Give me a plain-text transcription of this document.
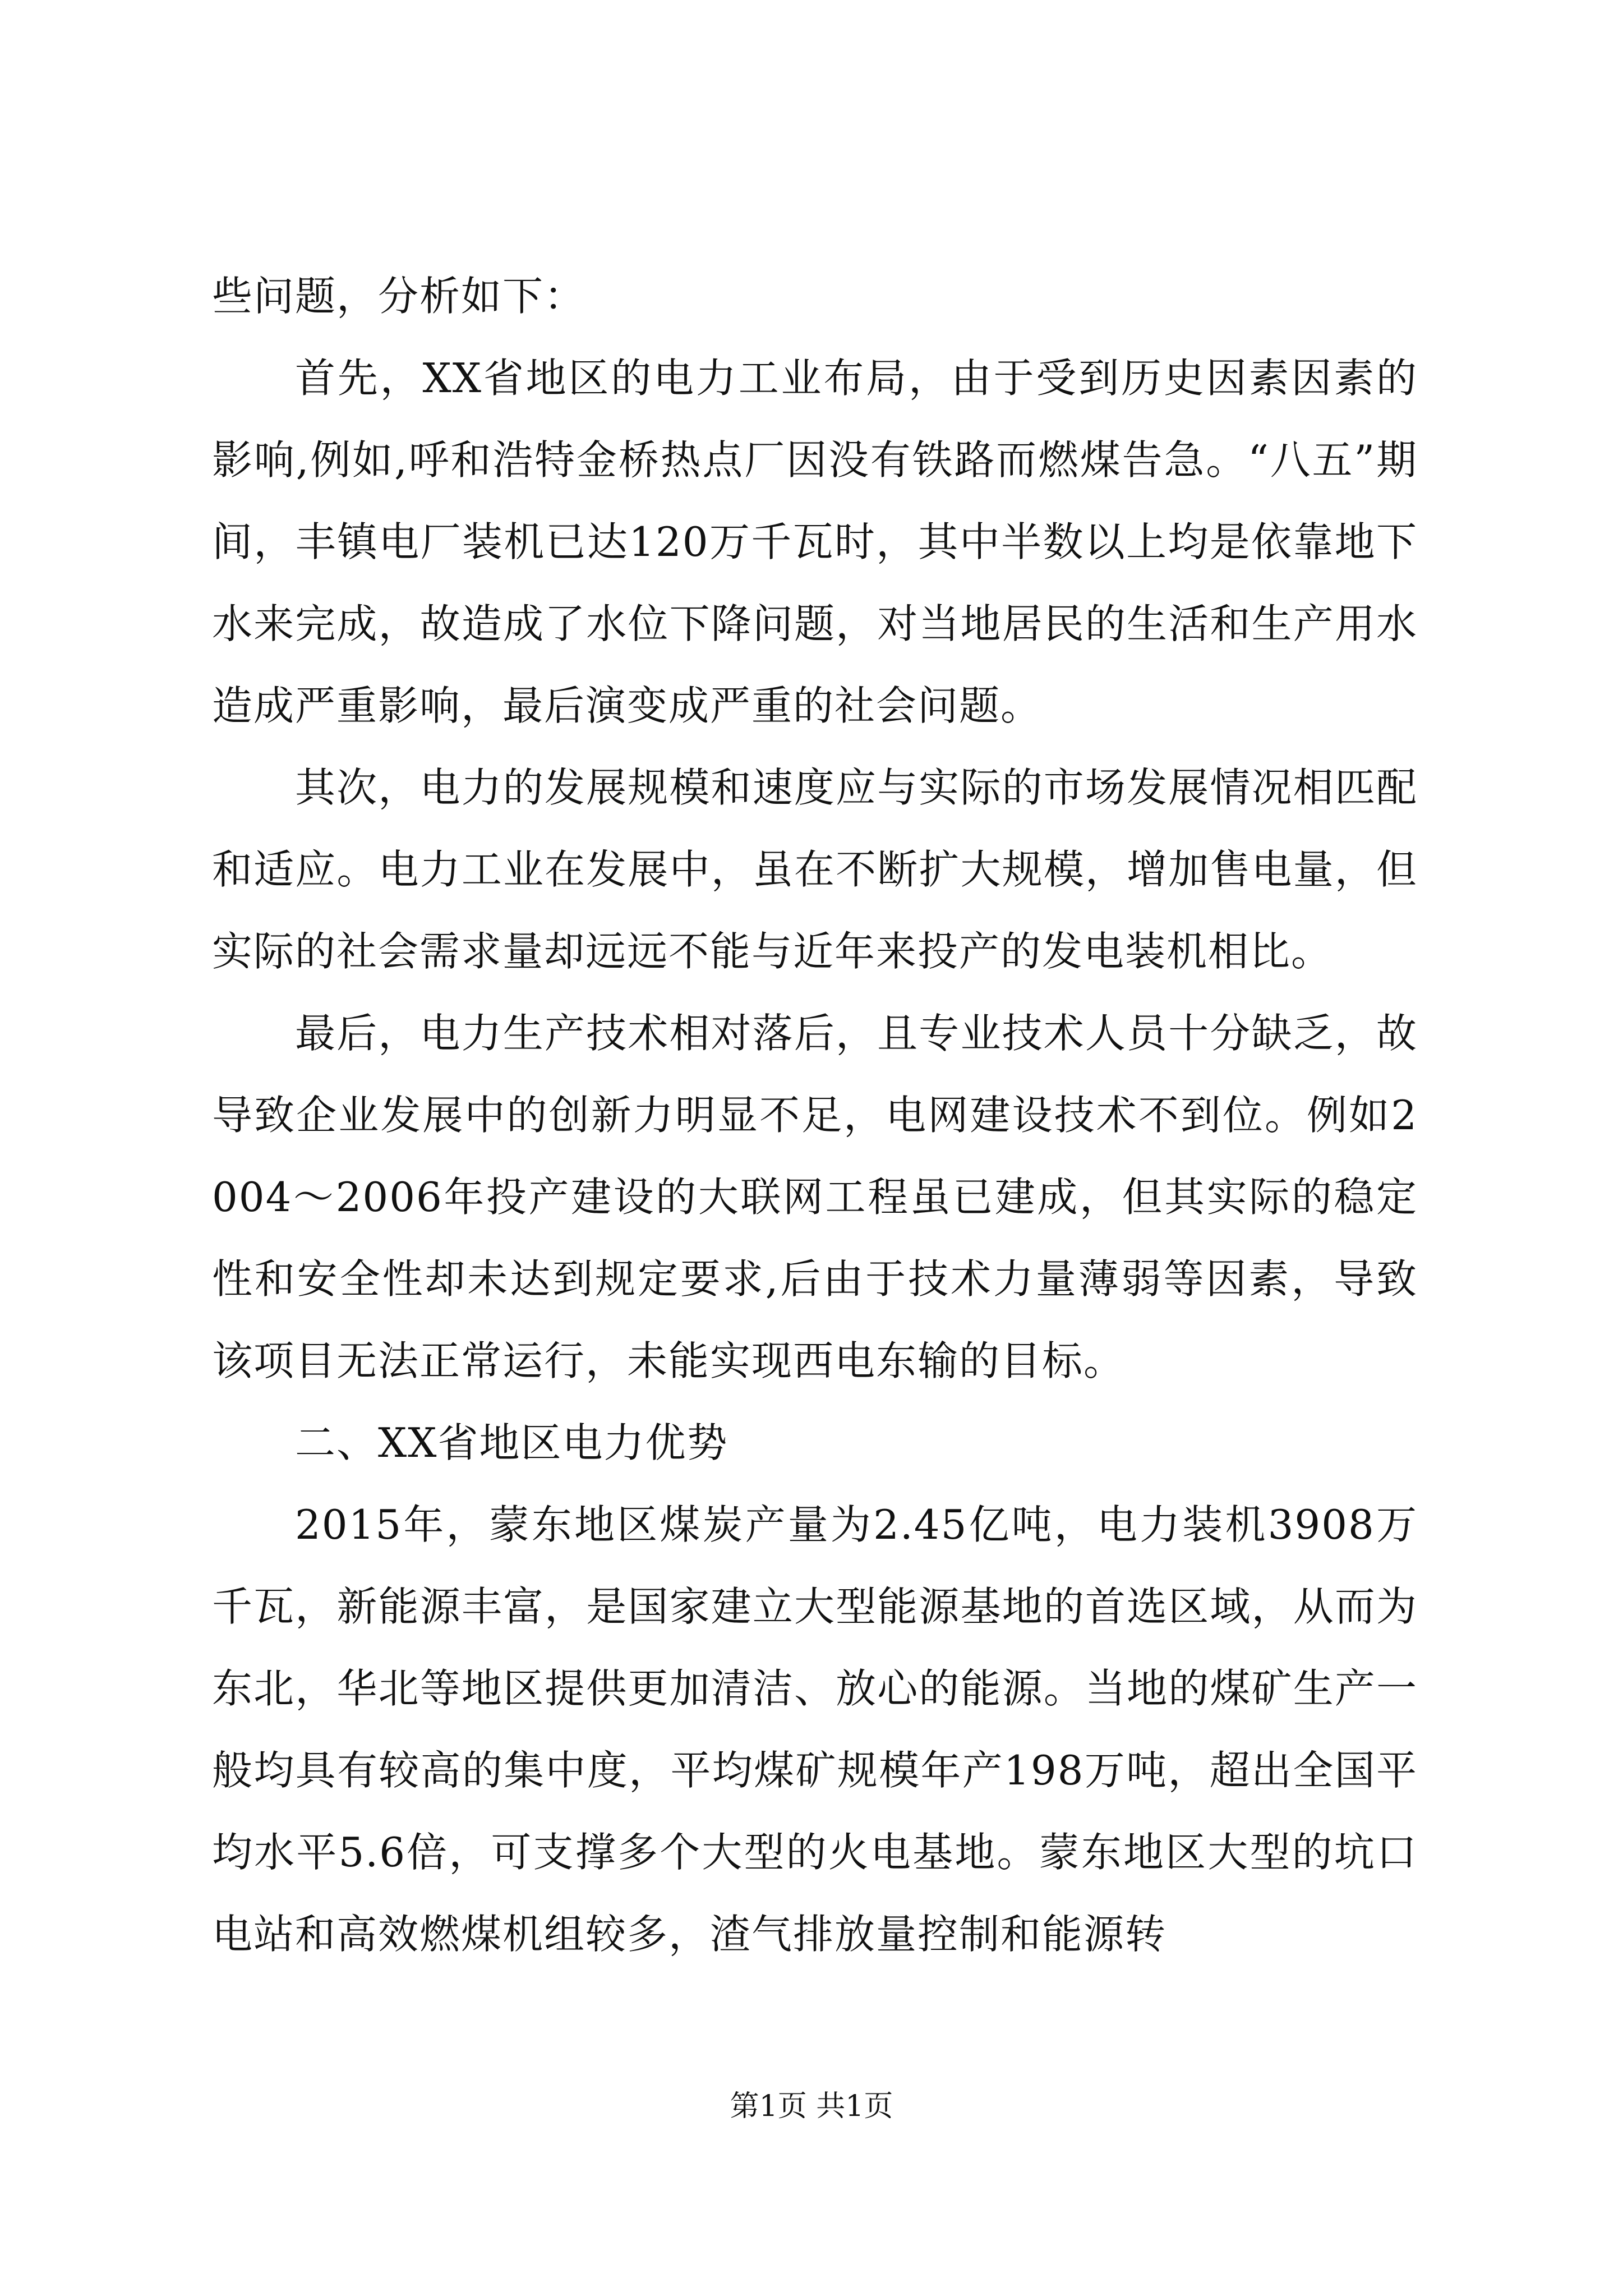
些问题，分析如下：

首先，XX省地区的电力工业布局，由于受到历史因素因素的影响,例如,呼和浩特金桥热点厂因没有铁路而燃煤告急。“八五”期间，丰镇电厂装机已达120万千瓦时，其中半数以上均是依靠地下水来完成，故造成了水位下降问题，对当地居民的生活和生产用水造成严重影响，最后演变成严重的社会问题。

其次，电力的发展规模和速度应与实际的市场发展情况相匹配和适应。电力工业在发展中，虽在不断扩大规模，增加售电量，但实际的社会需求量却远远不能与近年来投产的发电装机相比。

最后，电力生产技术相对落后，且专业技术人员十分缺乏，故导致企业发展中的创新力明显不足，电网建设技术不到位。例如2004～2006年投产建设的大联网工程虽已建成，但其实际的稳定性和安全性却未达到规定要求,后由于技术力量薄弱等因素，导致该项目无法正常运行，未能实现西电东输的目标。

二、XX省地区电力优势

2015年，蒙东地区煤炭产量为2.45亿吨，电力装机3908万千瓦，新能源丰富，是国家建立大型能源基地的首选区域，从而为东北，华北等地区提供更加清洁、放心的能源。当地的煤矿生产一般均具有较高的集中度，平均煤矿规模年产198万吨，超出全国平均水平5.6倍，可支撑多个大型的火电基地。蒙东地区大型的坑口电站和高效燃煤机组较多，渣气排放量控制和能源转

第1页 共1页
